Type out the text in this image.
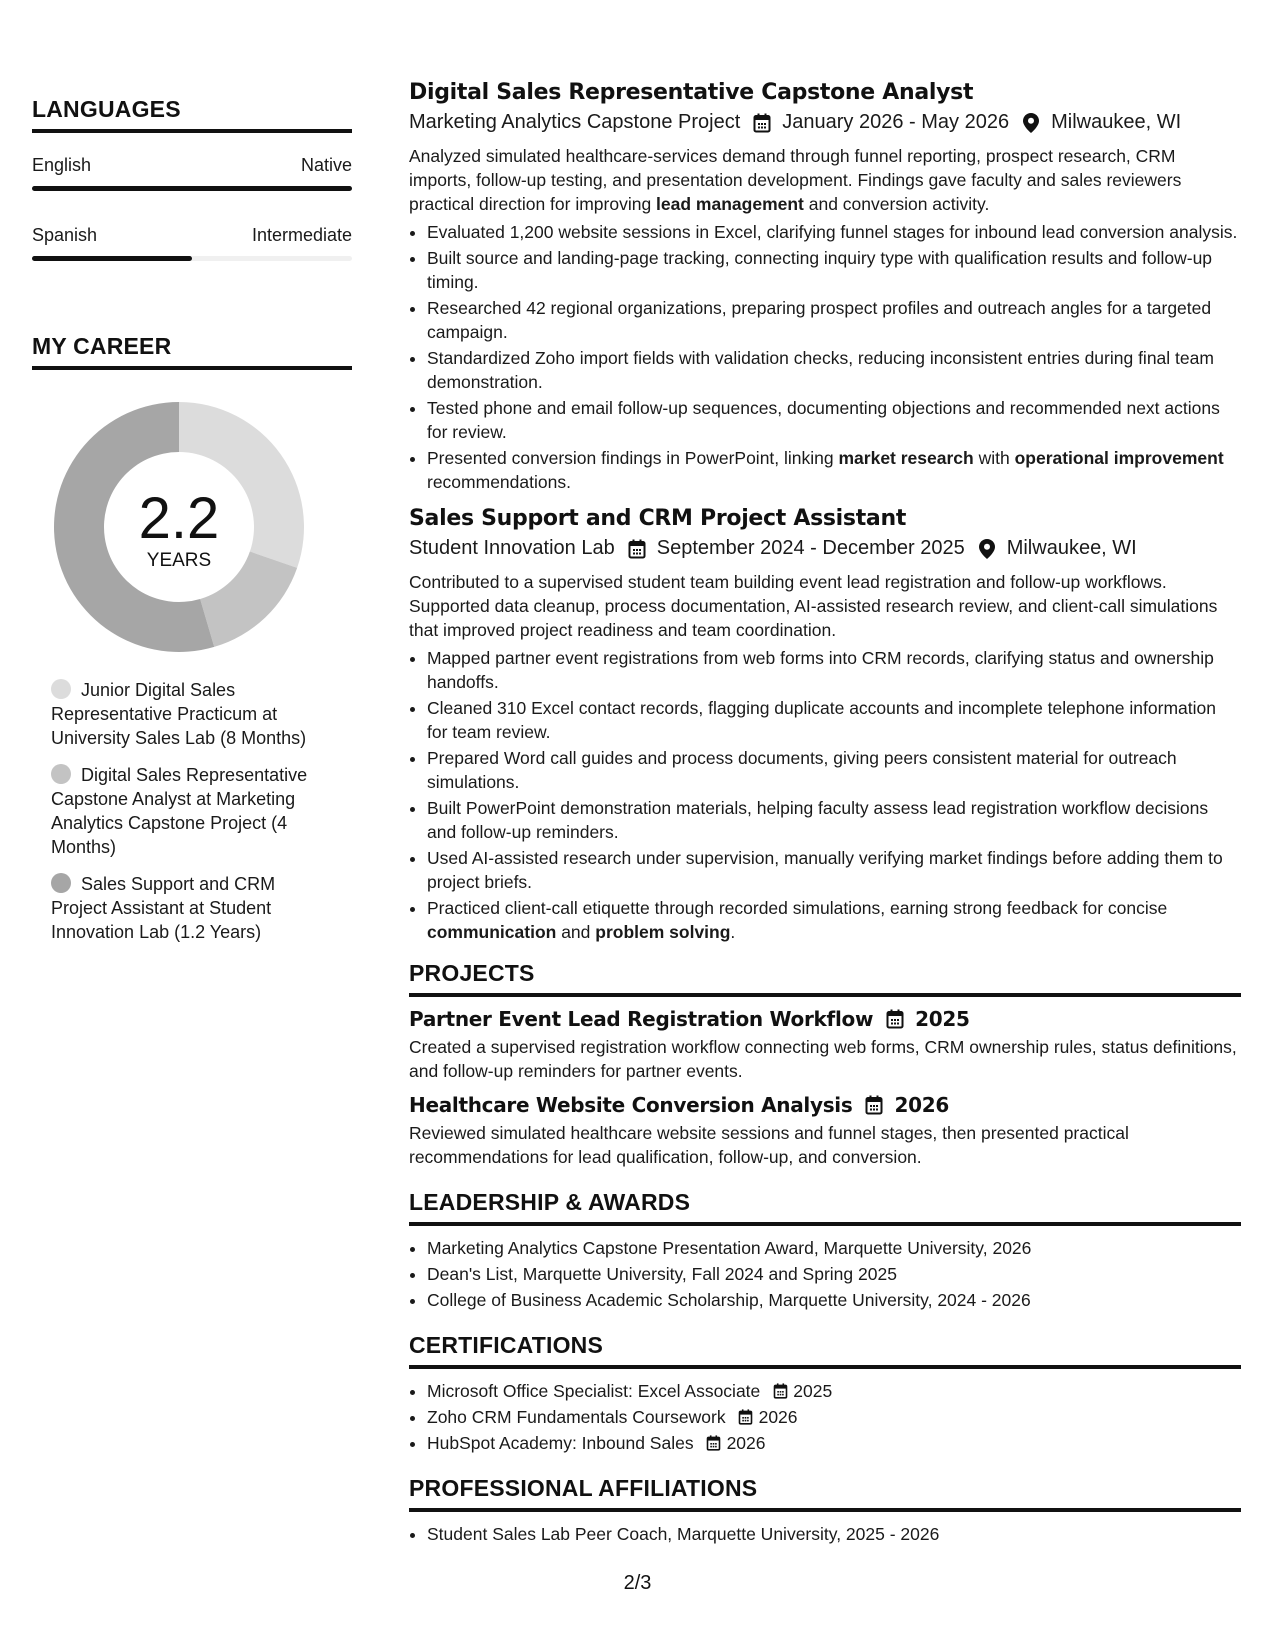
LANGUAGES
English	Native
Spanish	Intermediate
MY CAREER
2.2
YEARS
Junior Digital Sales Representative Practicum at University Sales Lab (8 Months)
Digital Sales Representative Capstone Analyst at Marketing Analytics Capstone Project (4 Months)
Sales Support and CRM Project Assistant at Student Innovation Lab (1.2 Years)
Digital Sales Representative Capstone Analyst
Marketing Analytics Capstone Project January 2026 - May 2026 Milwaukee, WI
Analyzed simulated healthcare-services demand through funnel reporting, prospect research, CRM imports, follow-up testing, and presentation development. Findings gave faculty and sales reviewers practical direction for improving lead management and conversion activity.
• Evaluated 1,200 website sessions in Excel, clarifying funnel stages for inbound lead conversion analysis.
• Built source and landing-page tracking, connecting inquiry type with qualification results and follow-up timing.
• Researched 42 regional organizations, preparing prospect profiles and outreach angles for a targeted campaign.
• Standardized Zoho import fields with validation checks, reducing inconsistent entries during final team demonstration.
• Tested phone and email follow-up sequences, documenting objections and recommended next actions for review.
• Presented conversion findings in PowerPoint, linking market research with operational improvement recommendations.
Sales Support and CRM Project Assistant
Student Innovation Lab September 2024 - December 2025 Milwaukee, WI
Contributed to a supervised student team building event lead registration and follow-up workflows. Supported data cleanup, process documentation, AI-assisted research review, and client-call simulations that improved project readiness and team coordination.
• Mapped partner event registrations from web forms into CRM records, clarifying status and ownership handoffs.
• Cleaned 310 Excel contact records, flagging duplicate accounts and incomplete telephone information for team review.
• Prepared Word call guides and process documents, giving peers consistent material for outreach simulations.
• Built PowerPoint demonstration materials, helping faculty assess lead registration workflow decisions and follow-up reminders.
• Used AI-assisted research under supervision, manually verifying market findings before adding them to project briefs.
• Practiced client-call etiquette through recorded simulations, earning strong feedback for concise communication and problem solving.
PROJECTS
Partner Event Lead Registration Workflow 2025
Created a supervised registration workflow connecting web forms, CRM ownership rules, status definitions, and follow-up reminders for partner events.
Healthcare Website Conversion Analysis 2026
Reviewed simulated healthcare website sessions and funnel stages, then presented practical recommendations for lead qualification, follow-up, and conversion.
LEADERSHIP & AWARDS
• Marketing Analytics Capstone Presentation Award, Marquette University, 2026
• Dean's List, Marquette University, Fall 2024 and Spring 2025
• College of Business Academic Scholarship, Marquette University, 2024 - 2026
CERTIFICATIONS
• Microsoft Office Specialist: Excel Associate 2025
• Zoho CRM Fundamentals Coursework 2026
• HubSpot Academy: Inbound Sales 2026
PROFESSIONAL AFFILIATIONS
• Student Sales Lab Peer Coach, Marquette University, 2025 - 2026
2/3
